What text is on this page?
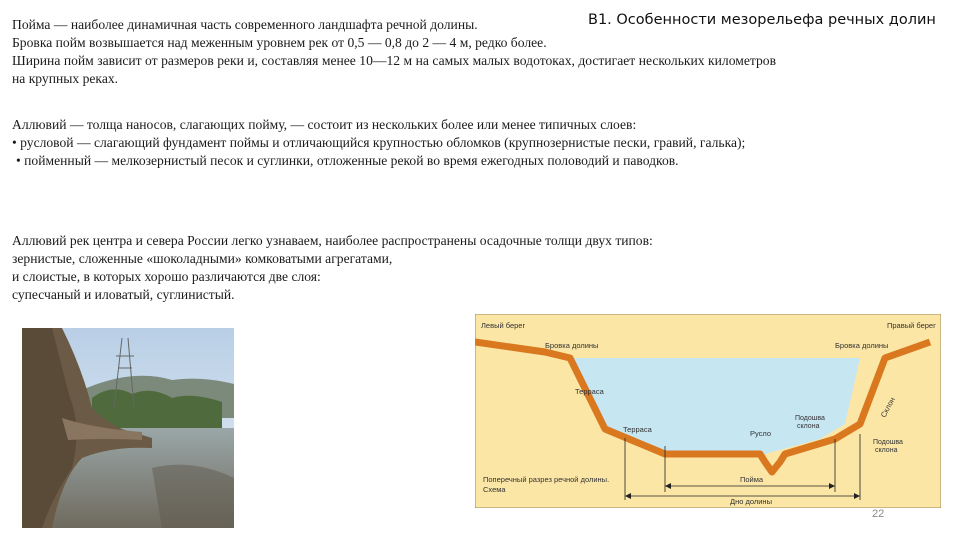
В1. Особенности мезорельефа речных долин

Пойма — наиболее динамичная часть современного ландшафта речной долины.

Бровка пойм возвышается над меженным уровнем рек от 0,5 — 0,8 до 2 — 4 м, редко более.

Ширина пойм зависит от размеров реки и, составляя менее 10—12 м на самых малых водотоках, достигает нескольких километров на крупных реках.

Аллювий — толща наносов, слагающих пойму, — состоит из нескольких более или менее типичных слоев:

• русловой — слагающий фундамент поймы и отличающийся крупностью обломков (крупнозернистые пески, гравий, галька);

• пойменный — мелкозернистый песок и суглинки, отложенные рекой во время ежегодных половодий и паводков.

Аллювий рек центра и севера России легко узнаваем, наиболее распространены осадочные толщи двух типов:

зернистые, сложенные «шоколадными» комковатыми агрегатами,

и слоистые, в которых хорошо различаются две слоя:

супесчаный и иловатый, суглинистый.

Левый берег	Правый берег
Бровка долины	Бровка долины
Терраса
Терраса	Русло
Склон
Подошва
склона
Подошва
склона
Пойма
Дно долины
Поперечный разрез речной долины.
Схема
22
